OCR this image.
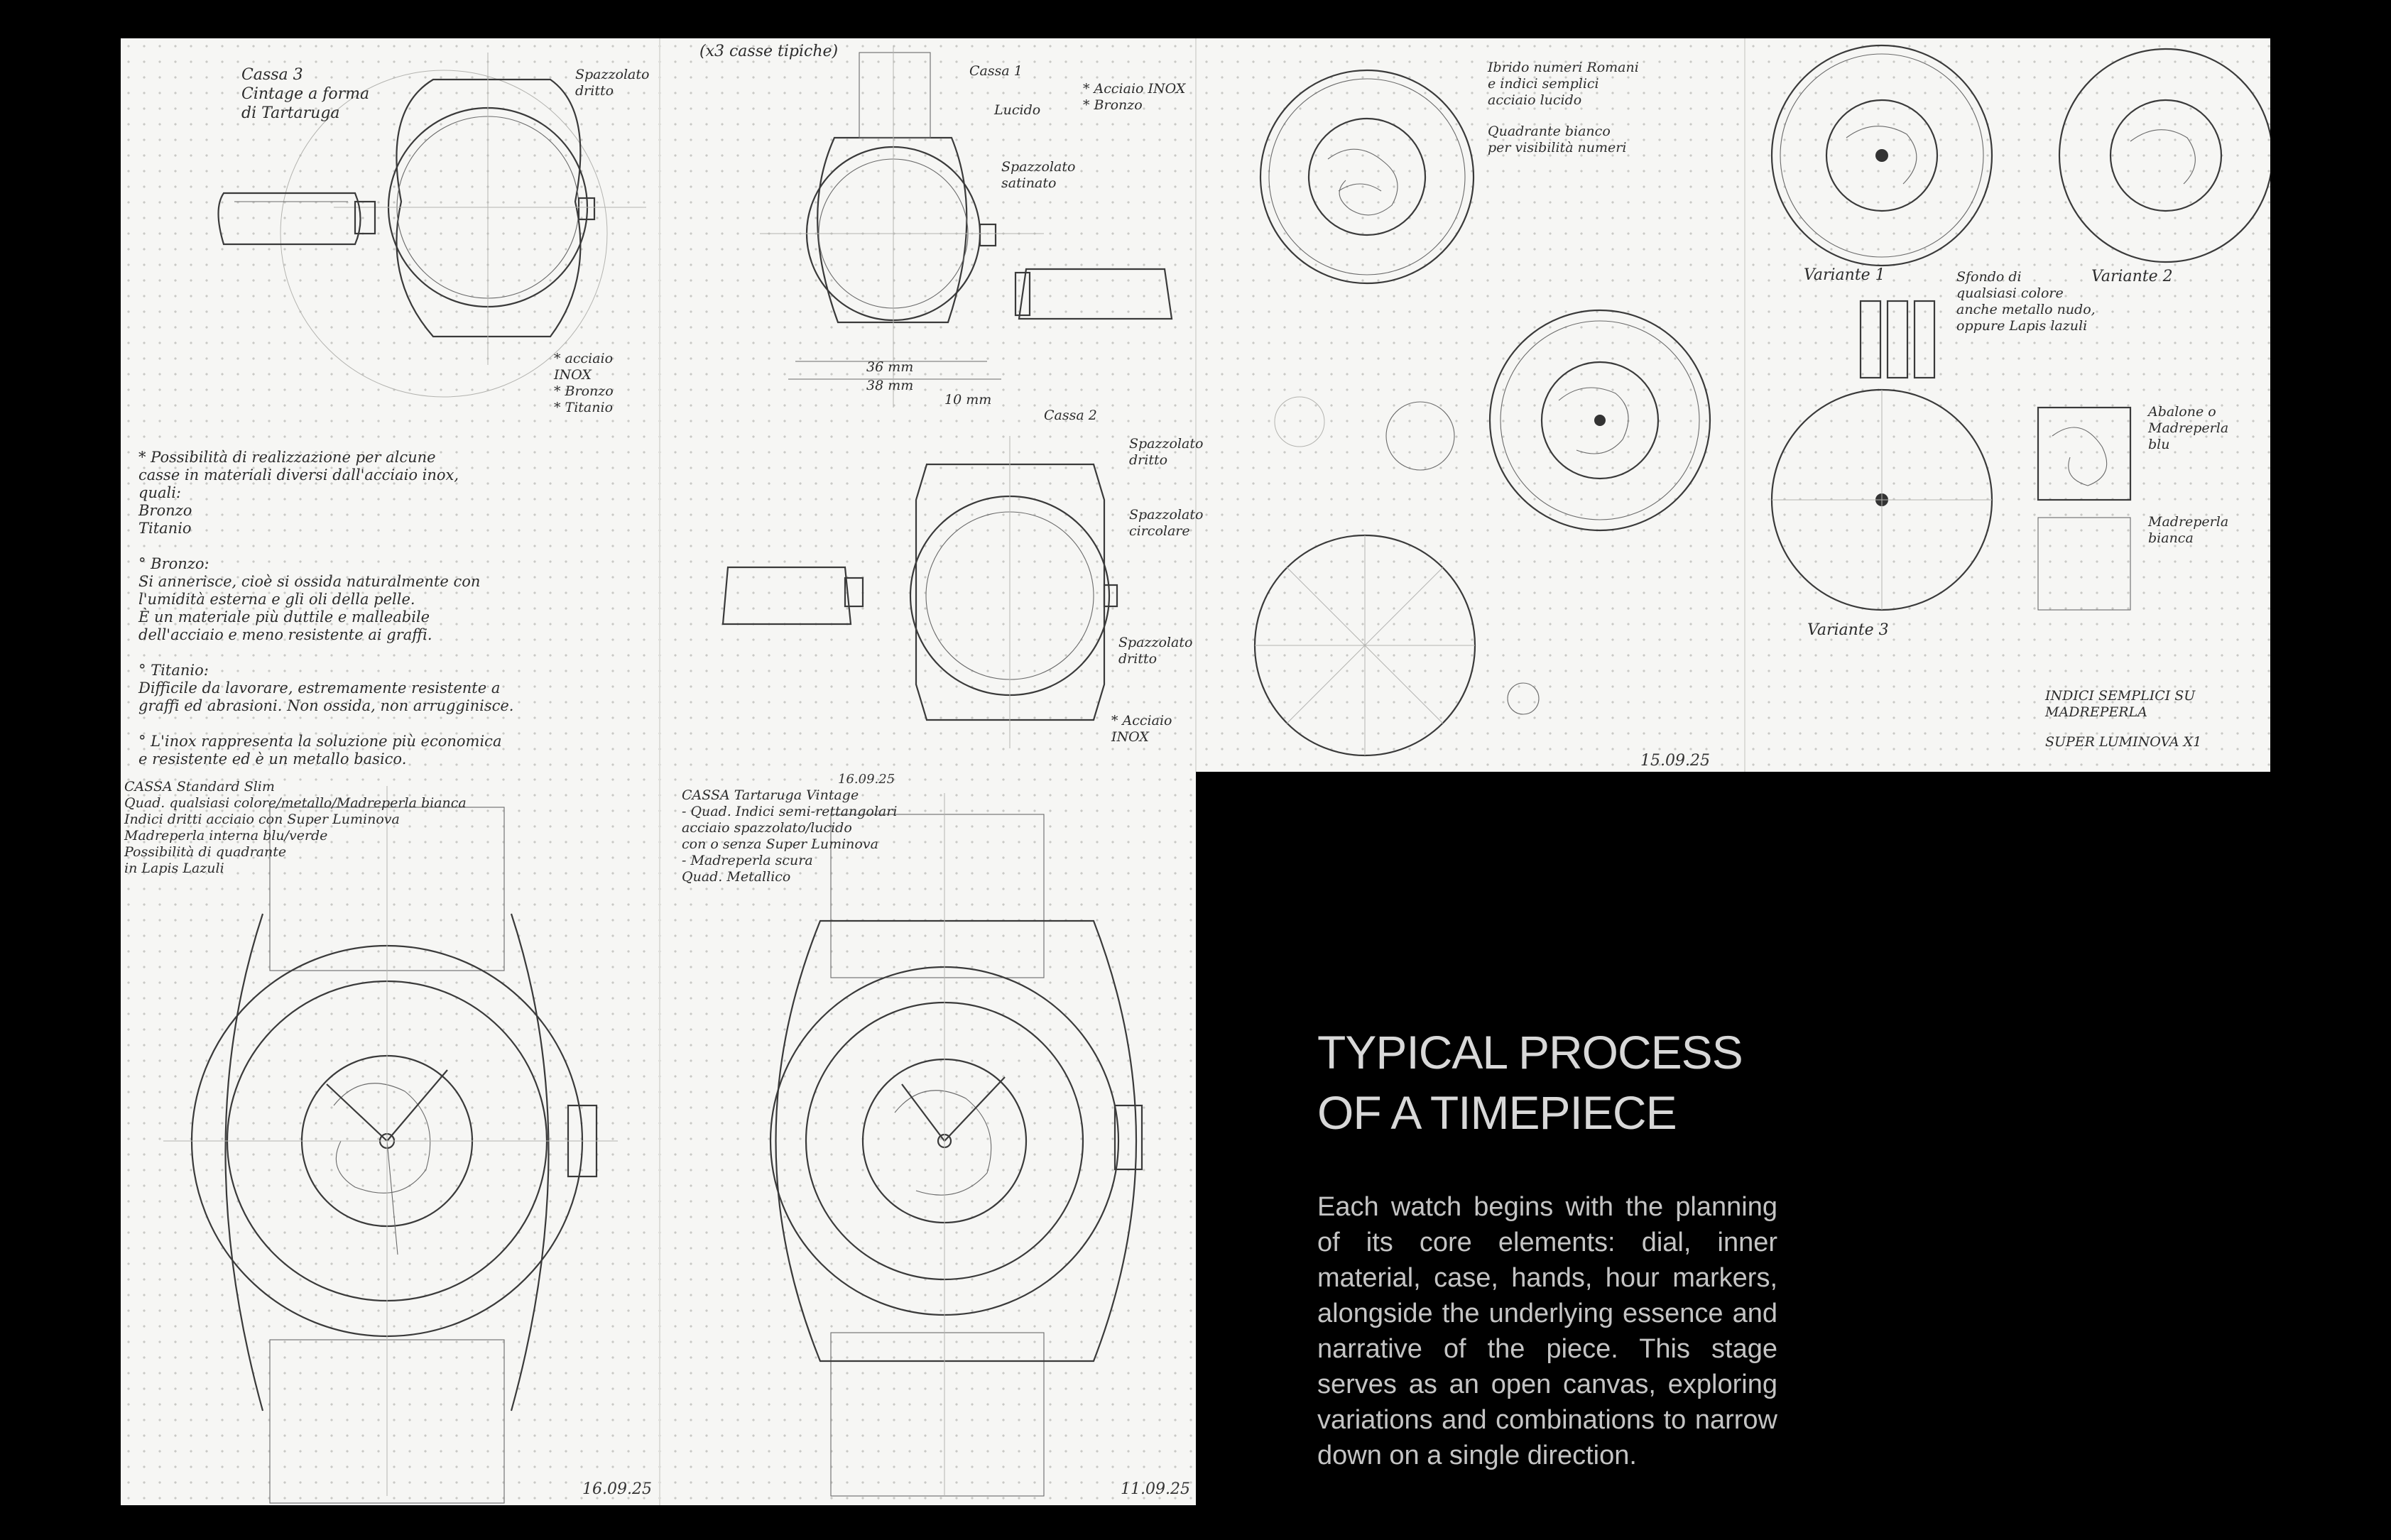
Cassa 3
Cintage a forma
di Tartaruga

Spazzolato
dritto

* acciaio
INOX
* Bronzo
* Titanio

* Possibilità di realizzazione per alcune
casse in materiali diversi dall'acciaio inox,
quali:
Bronzo
Titanio

° Bronzo:
Si annerisce, cioè si ossida naturalmente con
l'umidità esterna e gli oli della pelle.
È un materiale più duttile e malleabile
dell'acciaio e meno resistente ai graffi.

° Titanio:
Difficile da lavorare, estremamente resistente a
graffi ed abrasioni. Non ossida, non arrugginisce.

° L'inox rappresenta la soluzione più economica
e resistente ed è un metallo basico.

(x3 casse tipiche)

Cassa 1

* Acciaio INOX
* Bronzo

Lucido

Spazzolato
satinato

36 mm
38 mm
10 mm

Cassa 2

Spazzolato
dritto

Spazzolato
circolare

Spazzolato
dritto

* Acciaio
INOX

Ibrido numeri Romani
e indici semplici
acciaio lucido

Quadrante bianco
per visibilità numeri

15.09.25
Variante 1	Variante 2

Sfondo di
qualsiasi colore
anche metallo nudo,
oppure Lapis lazuli

Variante 3

Abalone o
Madreperla
blu

Madreperla
bianca

INDICI SEMPLICI SU
MADREPERLA

SUPER LUMINOVA X1

CASSA Standard Slim
Quad. qualsiasi colore/metallo/Madreperla bianca
Indici dritti acciaio con Super Luminova
Madreperla interna blu/verde
Possibilità di quadrante
in Lapis Lazuli

16.09.25
16.09.25

CASSA Tartaruga Vintage
- Quad. Indici semi-rettangolari
acciaio spazzolato/lucido
con o senza Super Luminova
- Madreperla scura
Quad. Metallico

11.09.25
TYPICAL PROCESS
OF A TIMEPIECE

Each watch begins with the planning of its core elements: dial, inner material, case, hands, hour markers, alongside the underlying essence and narrative of the piece. This stage serves as an open canvas, exploring variations and combinations to narrow down on a single direction.
